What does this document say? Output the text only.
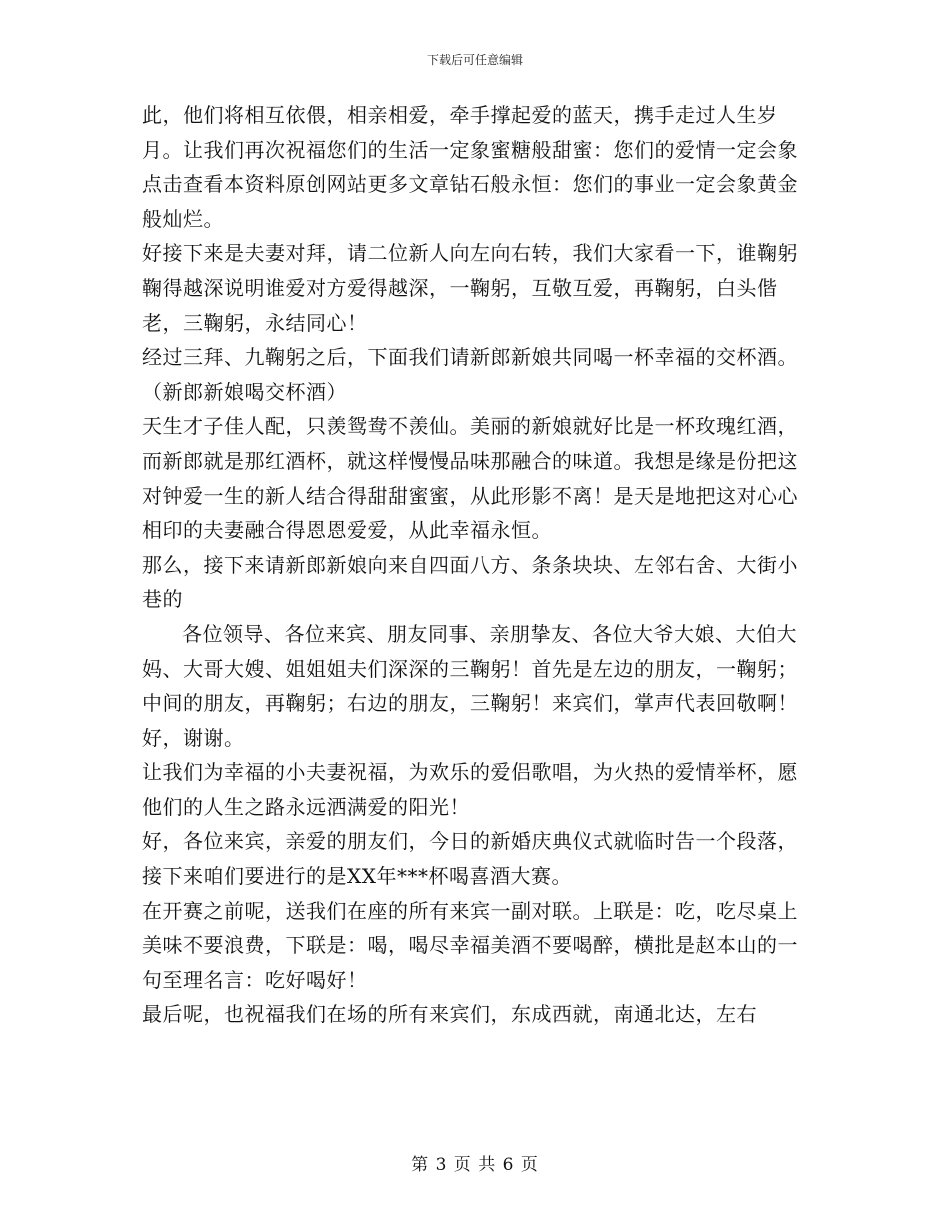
下载后可任意编辑

此，他们将相互依偎，相亲相爱，牵手撑起爱的蓝天，携手走过人生岁月。让我们再次祝福您们的生活一定象蜜糖般甜蜜：您们的爱情一定会象点击查看本资料原创网站更多文章钻石般永恒：您们的事业一定会象黄金般灿烂。

好接下来是夫妻对拜，请二位新人向左向右转，我们大家看一下，谁鞠躬鞠得越深说明谁爱对方爱得越深，一鞠躬，互敬互爱，再鞠躬，白头偕老，三鞠躬，永结同心！

经过三拜、九鞠躬之后，下面我们请新郎新娘共同喝一杯幸福的交杯酒。（新郎新娘喝交杯酒）

天生才子佳人配，只羡鸳鸯不羡仙。美丽的新娘就好比是一杯玫瑰红酒，而新郎就是那红酒杯，就这样慢慢品味那融合的味道。我想是缘是份把这对钟爱一生的新人结合得甜甜蜜蜜，从此形影不离！是天是地把这对心心相印的夫妻融合得恩恩爱爱，从此幸福永恒。

那么，接下来请新郎新娘向来自四面八方、条条块块、左邻右舍、大街小巷的

各位领导、各位来宾、朋友同事、亲朋挚友、各位大爷大娘、大伯大妈、大哥大嫂、姐姐姐夫们深深的三鞠躬！首先是左边的朋友，一鞠躬；中间的朋友，再鞠躬；右边的朋友，三鞠躬！来宾们，掌声代表回敬啊！好，谢谢。

让我们为幸福的小夫妻祝福，为欢乐的爱侣歌唱，为火热的爱情举杯，愿他们的人生之路永远洒满爱的阳光！

好，各位来宾，亲爱的朋友们，今日的新婚庆典仪式就临时告一个段落，接下来咱们要进行的是XX年***杯喝喜酒大赛。

在开赛之前呢，送我们在座的所有来宾一副对联。上联是：吃，吃尽桌上美味不要浪费，下联是：喝，喝尽幸福美酒不要喝醉，横批是赵本山的一句至理名言：吃好喝好！

最后呢，也祝福我们在场的所有来宾们，东成西就，南通北达，左右

第 3 页 共 6 页
